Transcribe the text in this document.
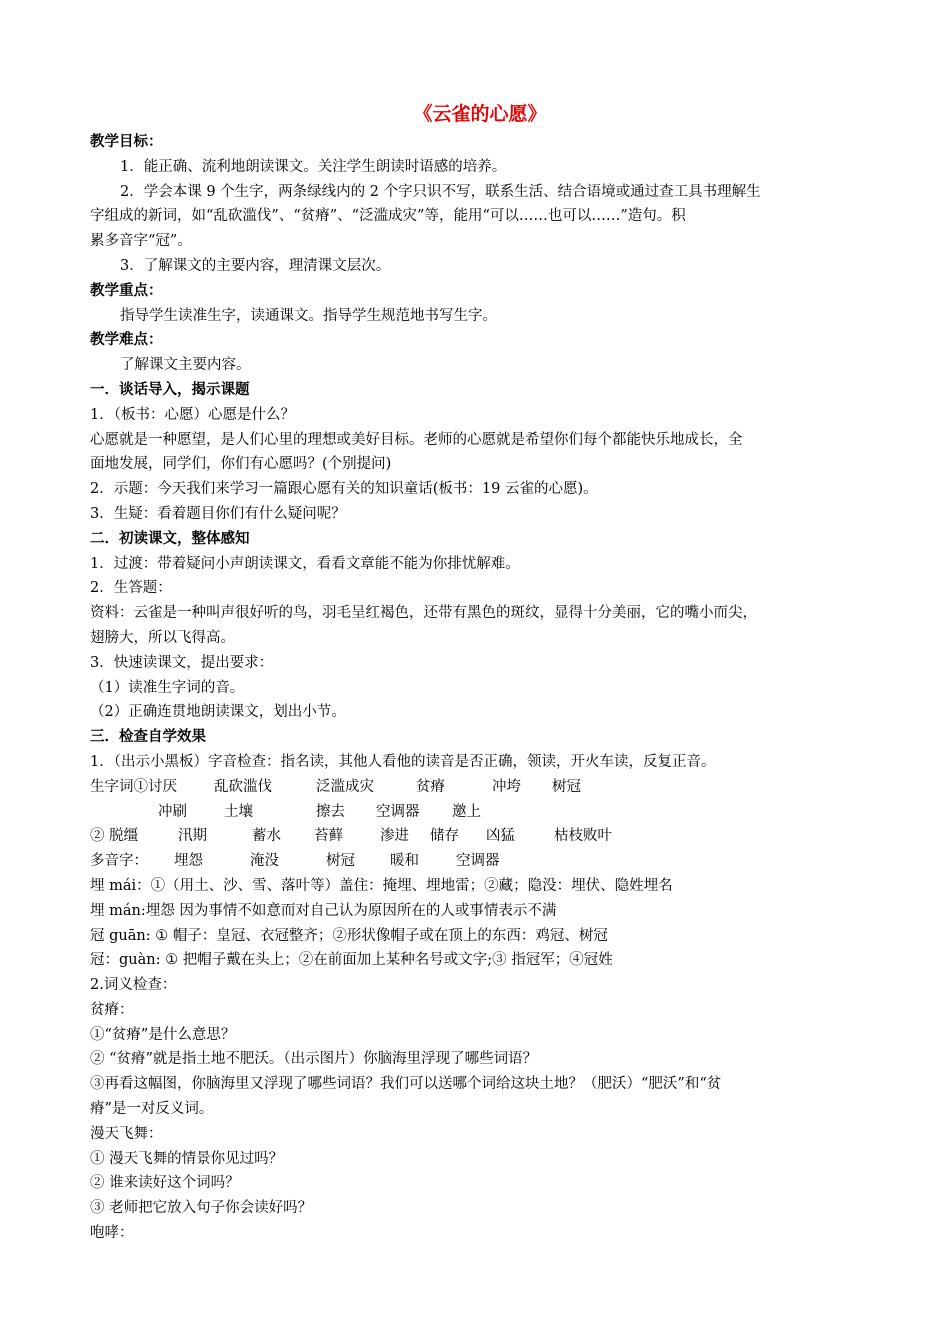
《云雀的心愿》
教学目标：
1．能正确、流利地朗读课文。关注学生朗读时语感的培养。
2．学会本课 9 个生字，两条绿线内的 2 个字只识不写，联系生活、结合语境或通过查工具书理解生
字组成的新词，如“乱砍滥伐”、“贫瘠”、“泛滥成灾”等，能用“可以……也可以……”造句。积
累多音字“冠”。
3．了解课文的主要内容，理清课文层次。
教学重点：
指导学生读准生字，读通课文。指导学生规范地书写生字。
教学难点：
了解课文主要内容。
一．谈话导入，揭示课题
1．（板书：心愿）心愿是什么？
心愿就是一种愿望，是人们心里的理想或美好目标。老师的心愿就是希望你们每个都能快乐地成长，全
面地发展，同学们，你们有心愿吗？(个别提问)
2．示题：今天我们来学习一篇跟心愿有关的知识童话(板书：19 云雀的心愿)。
3．生疑：看着题目你们有什么疑问呢？
二．初读课文，整体感知
1．过渡：带着疑问小声朗读课文，看看文章能不能为你排忧解难。
2．生答题：
资料：云雀是一种叫声很好听的鸟，羽毛呈红褐色，还带有黑色的斑纹，显得十分美丽，它的嘴小而尖，
翅膀大，所以飞得高。
3．快速读课文，提出要求：
（1）读准生字词的音。
（2）正确连贯地朗读课文，划出小节。
三．检查自学效果
1．（出示小黑板）字音检查：指名读，其他人看他的读音是否正确，领读，开火车读，反复正音。
生字词①讨厌	乱砍滥伐	泛滥成灾	贫瘠	冲垮 树冠
冲刷	土壤	擦去 空调器 邀上
② 脱缰	汛期	蓄水 苔藓	渗进 储存 凶猛	枯枝败叶
多音字： 埋怨	淹没	树冠 暖和	空调器
埋 mái：①（用土、沙、雪、落叶等）盖住：掩埋、埋地雷；②藏；隐没：埋伏、隐姓埋名
埋 mán:埋怨 因为事情不如意而对自己认为原因所在的人或事情表示不满
冠 guān: ① 帽子：皇冠、衣冠整齐；②形状像帽子或在顶上的东西：鸡冠、树冠
冠：guàn: ① 把帽子戴在头上；②在前面加上某种名号或文字;③ 指冠军；④冠姓
2.词义检查：
贫瘠：
①“贫瘠”是什么意思？
② “贫瘠”就是指土地不肥沃。（出示图片）你脑海里浮现了哪些词语？
③再看这幅图，你脑海里又浮现了哪些词语？我们可以送哪个词给这块土地？（肥沃）“肥沃”和“贫
瘠”是一对反义词。
漫天飞舞：
① 漫天飞舞的情景你见过吗？
② 谁来读好这个词吗？
③ 老师把它放入句子你会读好吗？
咆哮：
